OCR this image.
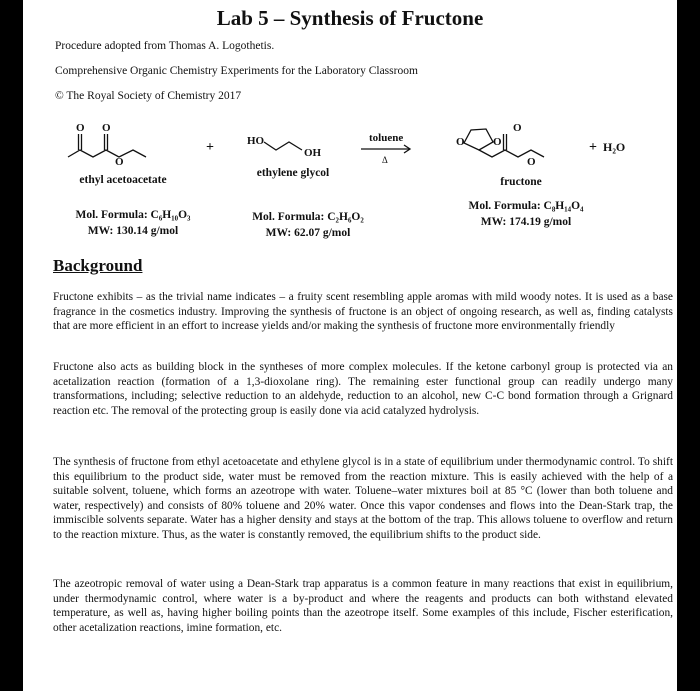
Lab 5 – Synthesis of Fructone
Procedure adopted from Thomas A. Logothetis.
Comprehensive Organic Chemistry Experiments for the Laboratory Classroom
© The Royal Society of Chemistry 2017
O O
O
HO
OH
O	O
O
O
toluene
Δ
+	+ H₂O
ethyl acetoacetate
ethylene glycol
fructone
Mol. Formula: C₆H₁₀O₃
MW: 130.14 g/mol
Mol. Formula: C₂H₆O₂
MW: 62.07 g/mol
Mol. Formula: C₈H₁₄O₄
MW: 174.19 g/mol
Background

Fructone exhibits – as the trivial name indicates – a fruity scent resembling apple aromas with mild woody notes. It is used as a base fragrance in the cosmetics industry. Improving the synthesis of fructone is an object of ongoing research, as well as, finding catalysts that are more efficient in an effort to increase yields and/or making the synthesis of fructone more environmentally friendly

Fructone also acts as building block in the syntheses of more complex molecules. If the ketone carbonyl group is protected via an acetalization reaction (formation of a 1,3-dioxolane ring). The remaining ester functional group can readily undergo many transformations, including; selective reduction to an aldehyde, reduction to an alcohol, new C-C bond formation through a Grignard reaction etc. The removal of the protecting group is easily done via acid catalyzed hydrolysis.

The synthesis of fructone from ethyl acetoacetate and ethylene glycol is in a state of equilibrium under thermodynamic control. To shift this equilibrium to the product side, water must be removed from the reaction mixture. This is easily achieved with the help of a suitable solvent, toluene, which forms an azeotrope with water. Toluene–water mixtures boil at 85 °C (lower than both toluene and water, respectively) and consists of 80% toluene and 20% water. Once this vapor condenses and flows into the Dean-Stark trap, the immiscible solvents separate. Water has a higher density and stays at the bottom of the trap. This allows toluene to overflow and return to the reaction mixture. Thus, as the water is constantly removed, the equilibrium shifts to the product side.

The azeotropic removal of water using a Dean-Stark trap apparatus is a common feature in many reactions that exist in equilibrium, under thermodynamic control, where water is a by-product and where the reagents and products can both withstand elevated temperature, as well as, having higher boiling points than the azeotrope itself. Some examples of this include, Fischer esterification, other acetalization reactions, imine formation, etc.
